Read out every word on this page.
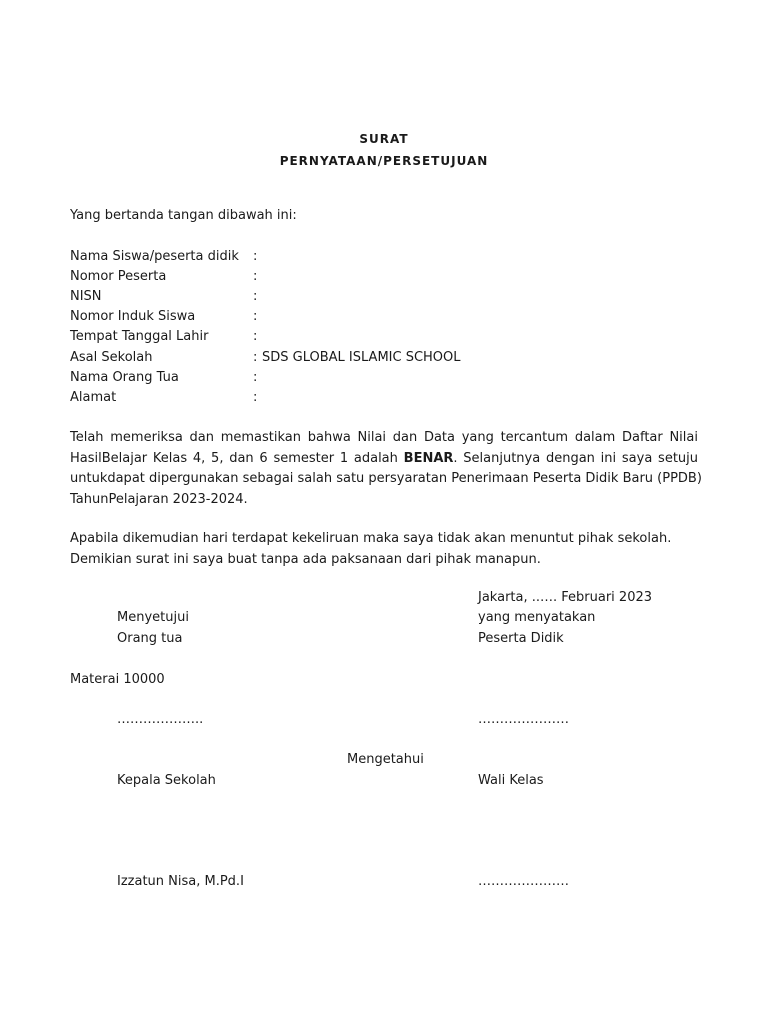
SURAT
PERNYATAAN/PERSETUJUAN
Yang bertanda tangan dibawah ini:
Nama Siswa/peserta didik :
Nomor Peserta	:
NISN	:
Nomor Induk Siswa	:
Tempat Tanggal Lahir	:
Asal Sekolah	: SDS GLOBAL ISLAMIC SCHOOL
Nama Orang Tua	:
Alamat	:
Telah memeriksa dan memastikan bahwa Nilai dan Data yang tercantum dalam Daftar Nilai
HasilBelajar Kelas 4, 5, dan 6 semester 1 adalah BENAR. Selanjutnya dengan ini saya setuju
untukdapat dipergunakan sebagai salah satu persyaratan Penerimaan Peserta Didik Baru (PPDB)
TahunPelajaran 2023-2024.
Apabila dikemudian hari terdapat kekeliruan maka saya tidak akan menuntut pihak sekolah.
Demikian surat ini saya buat tanpa ada paksanaan dari pihak manapun.
Jakarta, ..…. Februari 2023
Menyetujui	yang menyatakan
Orang tua	Peserta Didik
Materai 10000
………………..	…………………
Mengetahui
Kepala Sekolah	Wali Kelas
Izzatun Nisa, M.Pd.I	…………………
